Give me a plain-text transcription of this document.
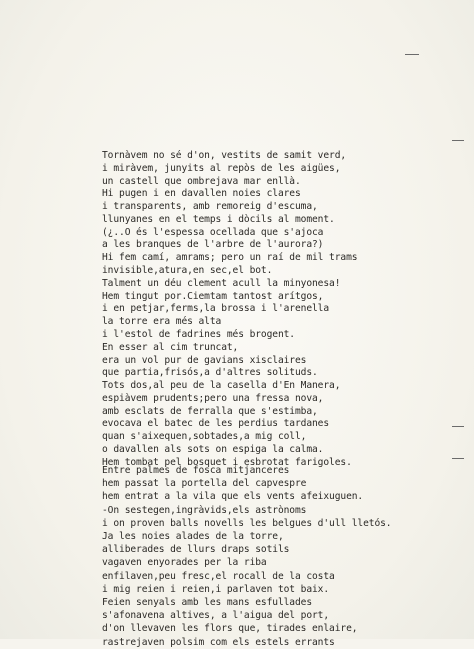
Tornàvem no sé d'on, vestits de samit verd,
i miràvem, junyits al repòs de les aigües,
un castell que ombrejava mar enllà.
Hi pugen i en davallen noies clares
i transparents, amb remoreig d'escuma,
llunyanes en el temps i dòcils al moment.
(¿..O és l'espessa ocellada que s'ajoca
a les branques de l'arbre de l'aurora?)
Hi fem camí, amrams; pero un raí de mil trams
invisible,atura,en sec,el bot.
Talment un déu clement acull la minyonesa!
Hem tingut por.Ciemtam tantost arítgos,
i en petjar,ferms,la brossa i l'arenella
la torre era més alta
i l'estol de fadrines més brogent.
En esser al cim truncat,
era un vol pur de gavians xisclaires
que partia,frisós,a d'altres solituds.
Tots dos,al peu de la casella d'En Manera,
espiàvem prudents;pero una fressa nova,
amb esclats de ferralla que s'estimba,
evocava el batec de les perdius tardanes
quan s'aixequen,sobtades,a mig coll,
o davallen als sots on espiga la calma.
Hem tombat pel bosquet i esbrotat farigoles.
Entre palmes de fosca mitjanceres
hem passat la portella del capvespre
hem entrat a la vila que els vents afeixuguen.
-On sestegen,ingràvids,els astrònoms
i on proven balls novells les belgues d'ull lletós.
Ja les noies alades de la torre,
alliberades de llurs draps sotils
vagaven enyorades per la riba
enfilaven,peu fresc,el rocall de la costa
i mig reien i reien,i parlaven tot baix.
Feien senyals amb les mans esfullades
s'afonavena altives, a l'aigua del port,
d'on llevaven les flors que, tirades enlaire,
rastrejaven polsim com els estels errants
